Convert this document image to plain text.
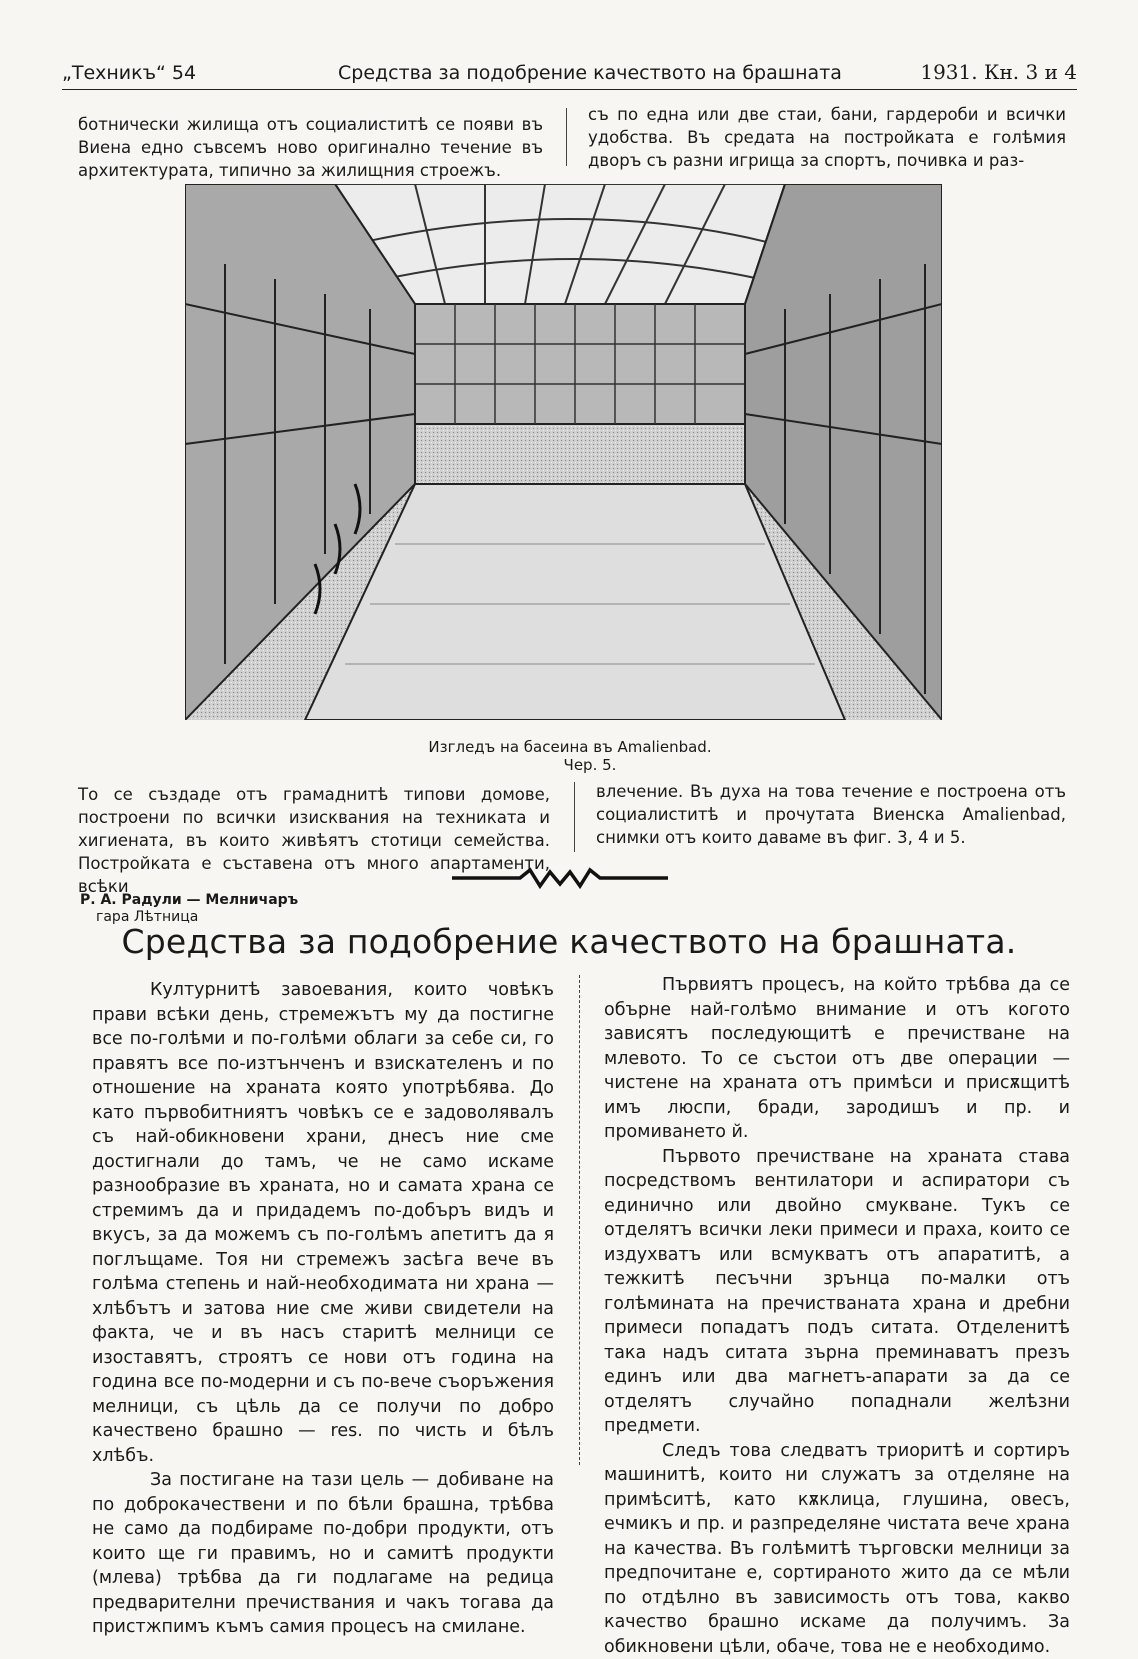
„Техникъ“ 54	Средства за подобрение качеството на брашната	1931. Кн. 3 и 4

ботнически жилища отъ социалиститѣ се появи въ Виена едно съвсемъ ново оригинално течение въ архитектурата, типично за жилищния строежъ.

съ по една или две стаи, бани, гардероби и всички удобства. Въ средата на постройката е голѣмия дворъ съ разни игрища за спортъ, почивка и раз-

Изгледъ на басеина въ Amalienbad.
Чер. 5.

То се създаде отъ грамаднитѣ типови домове, построени по всички изисквания на техниката и хигиената, въ които живѣятъ стотици семейства. Постройката е съставена отъ много апартаменти, всѣки

влечение. Въ духа на това течение е построена отъ социалиститѣ и прочутата Виенска Amalienbad, снимки отъ които даваме въ фиг. 3, 4 и 5.

Р. А. Радули — Мелничаръ
гара Лѣтница
Средства за подобрение качеството на брашната.

Културнитѣ завоевания, които човѣкъ прави всѣки день, стремежътъ му да постигне все по-голѣми и по-голѣми облаги за себе си, го правятъ все по-изтънченъ и взискателенъ и по отношение на храната която употрѣбява. До като първобитниятъ човѣкъ се е задоволявалъ съ най-обикновени храни, днесъ ние сме достигнали до тамъ, че не само искаме разнообразие въ храната, но и самата храна се стремимъ да и придадемъ по-добъръ видъ и вкусъ, за да можемъ съ по-голѣмъ апетитъ да я поглъщаме. Тоя ни стремежъ засѣга вече въ голѣма степень и най-необходимата ни храна — хлѣбътъ и затова ние сме живи свидетели на факта, че и въ насъ старитѣ мелници се изоставятъ, строятъ се нови отъ година на година все по-модерни и съ по-вече съоръжения мелници, съ цѣль да се получи по добро качествено брашно — res. по чисть и бѣлъ хлѣбъ.

За постигане на тази цель — добиване на по доброкачествени и по бѣли брашна, трѣбва не само да подбираме по-добри продукти, отъ които ще ги правимъ, но и самитѣ продукти (млева) трѣбва да ги подлагаме на редица предварителни пречиствания и чакъ тогава да пристжпимъ къмъ самия процесъ на смилане.

Първиятъ процесъ, на който трѣбва да се обърне най-голѣмо внимание и отъ когото зависятъ последующитѣ е пречистване на млевото. То се състои отъ две операции — чистене на храната отъ примѣси и присѫщитѣ имъ люспи, бради, зародишъ и пр. и промиването й.

Първото пречистване на храната става посредствомъ вентилатори и аспиратори съ единично или двойно смукване. Тукъ се отделятъ всички леки примеси и праха, които се издухватъ или всмукватъ отъ апаратитѣ, а тежкитѣ песъчни зрънца по-малки отъ голѣмината на пречистваната храна и дребни примеси попадатъ подъ ситата. Отделенитѣ така надъ ситата зърна преминаватъ презъ единъ или два магнетъ-апарати за да се отделятъ случайно попаднали желѣзни предмети.

Следъ това следватъ триоритѣ и сортиръ машинитѣ, които ни служатъ за отделяне на примѣситѣ, като кѫклица, глушина, овесъ, ечмикъ и пр. и разпределяне чистата вече храна на качества. Въ голѣмитѣ търговски мелници за предпочитане е, сортираното жито да се мѣли по отдѣлно въ зависимость отъ това, какво качество брашно искаме да получимъ. За обикновени цѣли, обаче, това не е необходимо.
